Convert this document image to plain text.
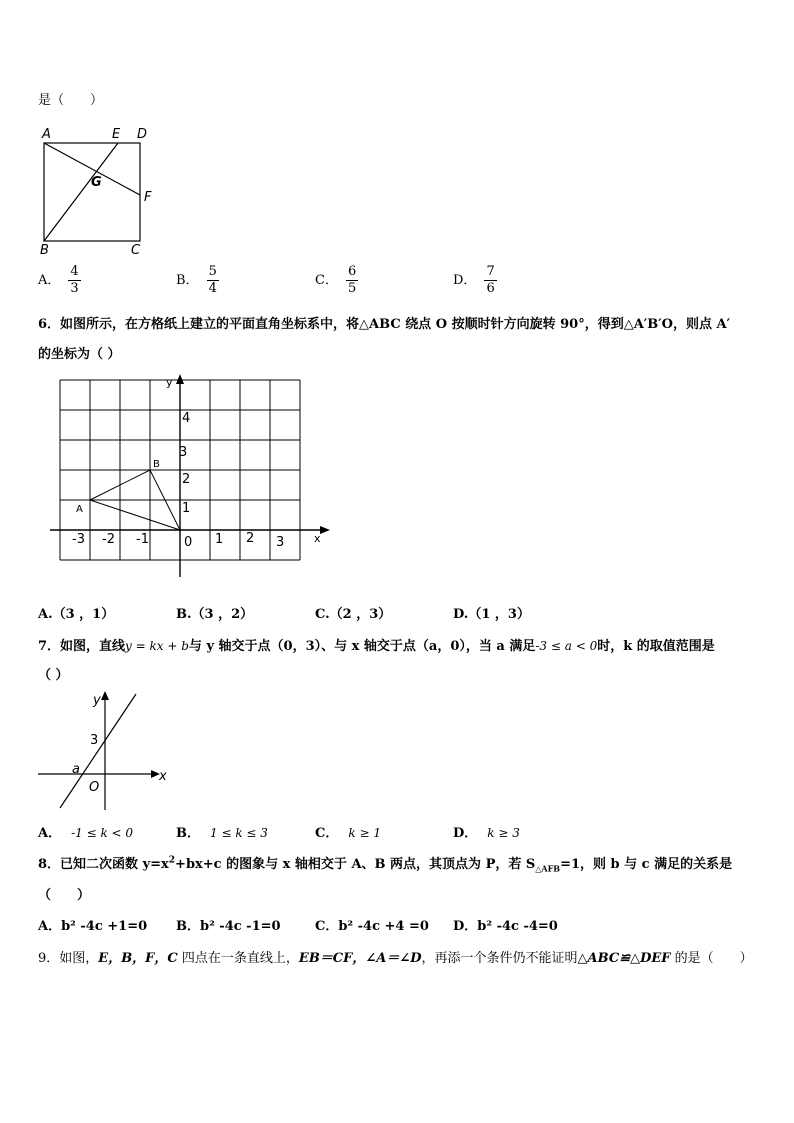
是（　　）
A	E D
G
F
B	C
A． $\frac{4}{3}$	B． $\frac{5}{4}$	C． $\frac{6}{5}$	D． $\frac{7}{6}$
6．如图所示，在方格纸上建立的平面直角坐标系中，将△ABC 绕点 O 按顺时针方向旋转 90°，得到△A′B′O，则点 A′
的坐标为（ ）
x
y
A
B
-3 -2 -1	0 1 2 3
1
2
3
4
A.（3 ，1）	B.（3 ，2）	C.（2 ，3）	D.（1 ，3）
7．如图，直线y = kx + b与 y 轴交于点（0，3）、与 x 轴交于点（a，0），当 a 满足-3 ≤ a < 0时，k 的取值范围是
（ ）
y
x
3
a
O
A． -1 ≤ k < 0	B． 1 ≤ k ≤ 3	C． k ≥ 1	D． k ≥ 3
8．已知二次函数 $y=x^2+bx+c$ 的图象与 x 轴相交于 A、B 两点，其顶点为 P，若 $S_{\triangle AFB}=1$，则 b 与 c 满足的关系是
（　　）
A．b² -4c +1=0 B．b² -4c -1=0	C．b² -4c +4 =0 D．b² -4c -4=0
9．如图，E，B，F，C 四点在一条直线上，EB＝CF，∠A＝∠D，再添一个条件仍不能证明△ABC≌△DEF 的是（　　）
